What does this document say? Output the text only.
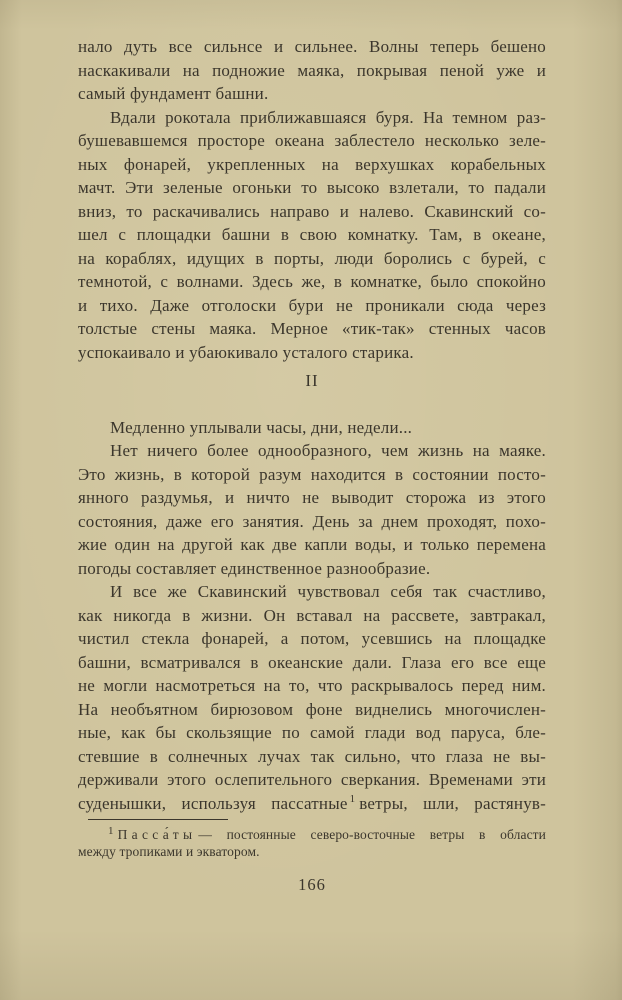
нало дуть все сильнсе и сильнее. Волны теперь бешено
наскакивали на подножие маяка, покрывая пеной уже и
самый фундамент башни.
Вдали рокотала приближавшаяся буря. На темном раз-
бушевавшемся просторе океана заблестело несколько зеле-
ных фонарей, укрепленных на верхушках корабельных
мачт. Эти зеленые огоньки то высоко взлетали, то падали
вниз, то раскачивались направо и налево. Скавинский со-
шел с площадки башни в свою комнатку. Там, в океане,
на кораблях, идущих в порты, люди боролись с бурей, с
темнотой, с волнами. Здесь же, в комнатке, было спокойно
и тихо. Даже отголоски бури не проникали сюда через
толстые стены маяка. Мерное «тик-так» стенных часов
успокаивало и убаюкивало усталого старика.
II
Медленно уплывали часы, дни, недели...
Нет ничего более однообразного, чем жизнь на маяке.
Это жизнь, в которой разум находится в состоянии посто-
янного раздумья, и ничто не выводит сторожа из этого
состояния, даже его занятия. День за днем проходят, похо-
жие один на другой как две капли воды, и только перемена
погоды составляет единственное разнообразие.
И все же Скавинский чувствовал себя так счастливо,
как никогда в жизни. Он вставал на рассвете, завтракал,
чистил стекла фонарей, а потом, усевшись на площадке
башни, всматривался в океанские дали. Глаза его все еще
не могли насмотреться на то, что раскрывалось перед ним.
На необъятном бирюзовом фоне виднелись многочислен-
ные, как бы скользящие по самой глади вод паруса, бле-
стевшие в солнечных лучах так сильно, что глаза не вы-
держивали этого ослепительного сверкания. Временами эти
суденышки, используя пассатные $^1$ ветры, шли, растянув-
$^1$ Пасса́ты — постоянные северо-восточные ветры в области
между тропиками и экватором.
166
